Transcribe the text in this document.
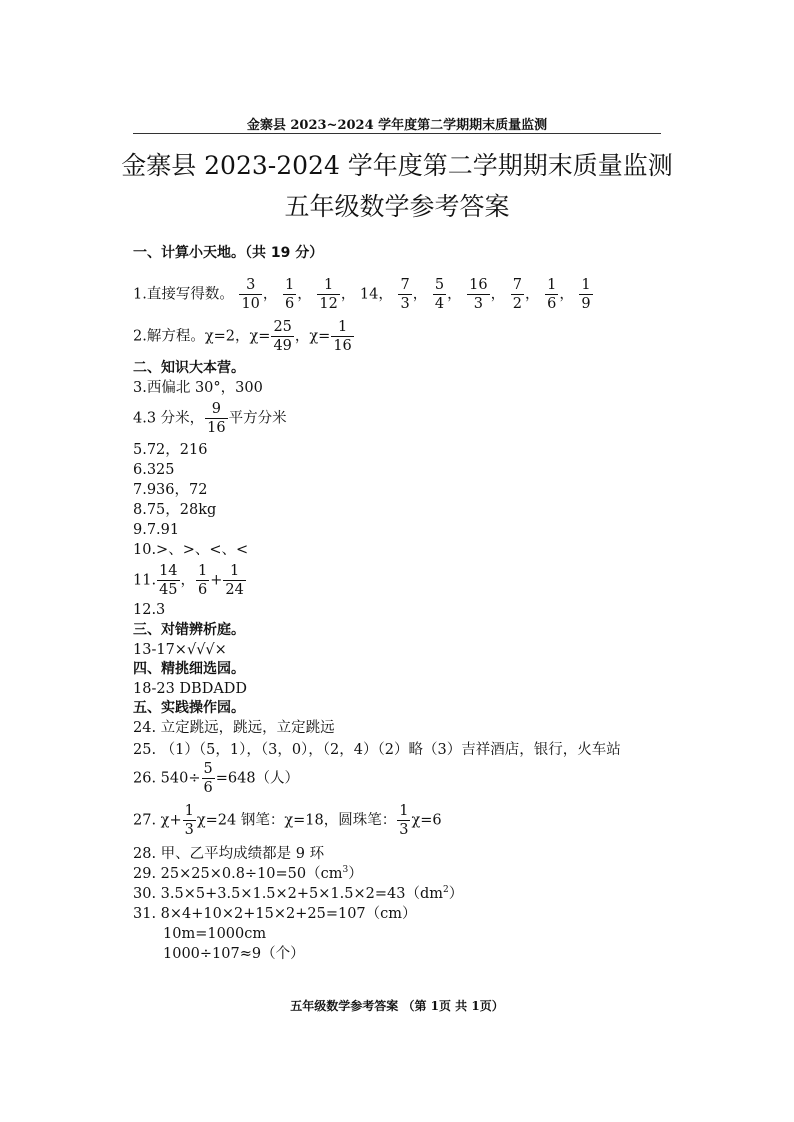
金寨县 2023~2024 学年度第二学期期末质量监测
金寨县 2023-2024 学年度第二学期期末质量监测
五年级数学参考答案
一、计算小天地。（共 19 分）
1.直接写得数。 $\frac{3}{10}$ ， $\frac{1}{6}$ ， $\frac{1}{12}$ ， 14， $\frac{7}{3}$ ， $\frac{5}{4}$ ， $\frac{16}{3}$ ， $\frac{7}{2}$ ， $\frac{1}{6}$ ， $\frac{1}{9}$
2.解方程。χ=2，$\chi= \frac{25}{49}$ ，$\chi= \frac{1}{16}$
二、知识大本营。
3.西偏北 30°，300
4.3 分米， $\frac{9}{16}$ 平方分米
5.72，216
6.325
7.936，72
8.75，28kg
9.7.91
10.>、>、<、<
11. $\frac{14}{45}$ ， $\frac{1}{6} + \frac{1}{24}$
12.3
三、对错辨析庭。
13-17×√√√×
四、精挑细选园。
18-23 DBDADD
五、实践操作园。
24. 立定跳远，跳远，立定跳远
25. （1）（5，1），（3，0），（2，4）（2）略（3）吉祥酒店，银行，火车站
26. $540\div \frac{5}{6} =648$（人）
27. $\chi+ \frac{1}{3} \chi=24$ 钢笔：χ=18，圆珠笔： $\frac{1}{3} \chi=6$
28. 甲、乙平均成绩都是 9 环
29. $25\times 25\times 0.8\div 10=50(cm^3)$
30. $3.5\times 5+3.5\times 1.5\times 2+5\times 1.5\times 2=43(dm^2)$
31. 8×4+10×2+15×2+25=107（cm）
10m=1000cm
1000÷107≈9（个）
五年级数学参考答案 （第 1页 共 1页）
